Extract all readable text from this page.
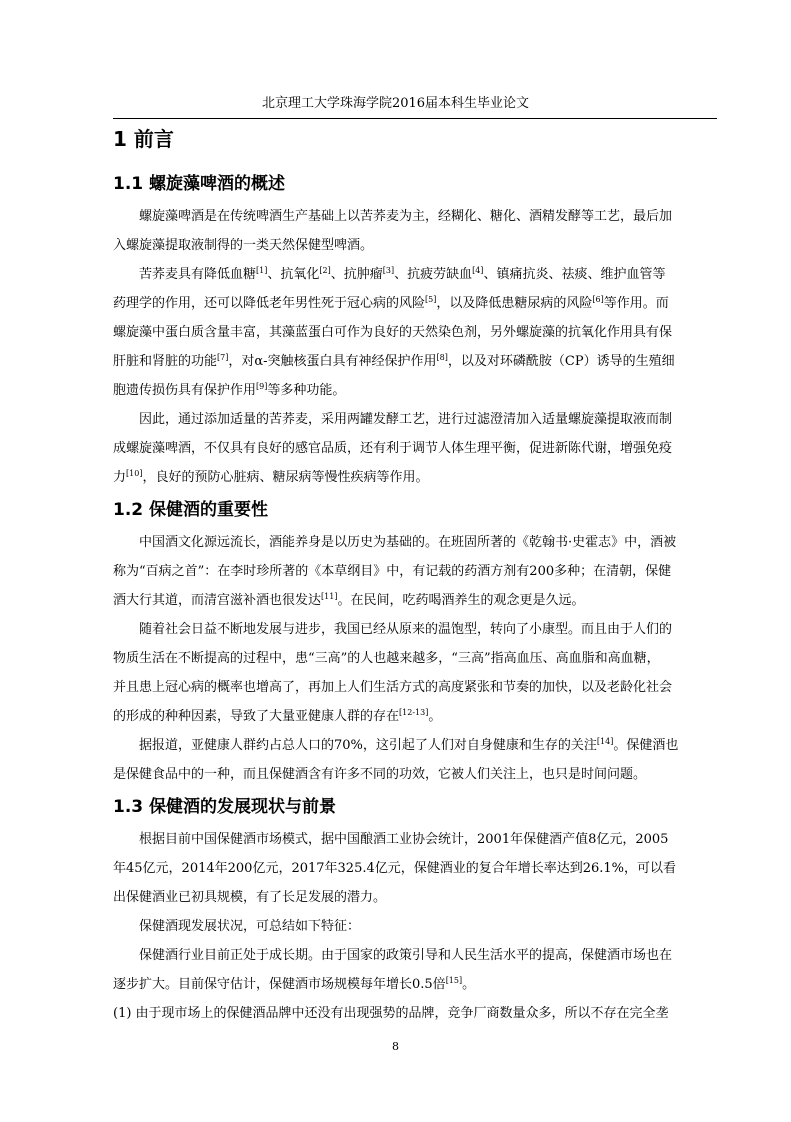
北京理工大学珠海学院2016届本科生毕业论文
1 前言
1.1 螺旋藻啤酒的概述

螺旋藻啤酒是在传统啤酒生产基础上以苦荞麦为主，经糊化、糖化、酒精发酵等工艺，最后加

入螺旋藻提取液制得的一类天然保健型啤酒。

苦荞麦具有降低血糖[1]、抗氧化[2]、抗肿瘤[3]、抗疲劳缺血[4]、镇痛抗炎、祛痰、维护血管等

药理学的作用，还可以降低老年男性死于冠心病的风险[5]，以及降低患糖尿病的风险[6]等作用。而

螺旋藻中蛋白质含量丰富，其藻蓝蛋白可作为良好的天然染色剂，另外螺旋藻的抗氧化作用具有保

肝脏和肾脏的功能[7]，对α-突触核蛋白具有神经保护作用[8]，以及对环磷酰胺（CP）诱导的生殖细

胞遗传损伤具有保护作用[9]等多种功能。

因此，通过添加适量的苦荞麦，采用两罐发酵工艺，进行过滤澄清加入适量螺旋藻提取液而制

成螺旋藻啤酒，不仅具有良好的感官品质，还有利于调节人体生理平衡，促进新陈代谢，增强免疫

力[10]，良好的预防心脏病、糖尿病等慢性疾病等作用。

1.2 保健酒的重要性

中国酒文化源远流长，酒能养身是以历史为基础的。在班固所著的《乾翰书·史霍志》中，酒被

称为“百病之首”：在李时珍所著的《本草纲目》中，有记载的药酒方剂有200多种；在清朝，保健

酒大行其道，而清宫滋补酒也很发达[11]。在民间，吃药喝酒养生的观念更是久远。

随着社会日益不断地发展与进步，我国已经从原来的温饱型，转向了小康型。而且由于人们的

物质生活在不断提高的过程中，患“三高”的人也越来越多，“三高”指高血压、高血脂和高血糖，

并且患上冠心病的概率也增高了，再加上人们生活方式的高度紧张和节奏的加快，以及老龄化社会

的形成的种种因素，导致了大量亚健康人群的存在[12-13]。

据报道，亚健康人群约占总人口的70%，这引起了人们对自身健康和生存的关注[14]。保健酒也

是保健食品中的一种，而且保健酒含有许多不同的功效，它被人们关注上，也只是时间问题。

1.3 保健酒的发展现状与前景

根据目前中国保健酒市场模式，据中国酿酒工业协会统计，2001年保健酒产值8亿元，2005

年45亿元，2014年200亿元，2017年325.4亿元，保健酒业的复合年增长率达到26.1%，可以看

出保健酒业已初具规模，有了长足发展的潜力。

保健酒现发展状况，可总结如下特征：

保健酒行业目前正处于成长期。由于国家的政策引导和人民生活水平的提高，保健酒市场也在

逐步扩大。目前保守估计，保健酒市场规模每年增长0.5倍[15]。

(1) 由于现市场上的保健酒品牌中还没有出现强势的品牌，竞争厂商数量众多，所以不存在完全垄

8
